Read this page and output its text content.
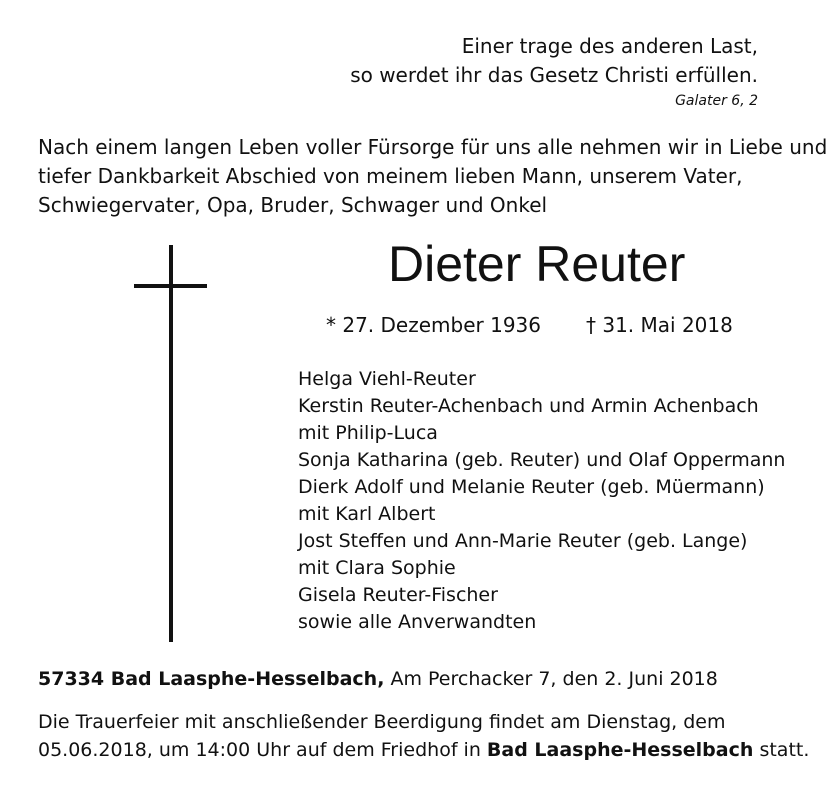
Einer trage des anderen Last,
so werdet ihr das Gesetz Christi erfüllen.
Galater 6, 2
Nach einem langen Leben voller Fürsorge für uns alle nehmen wir in Liebe und
tiefer Dankbarkeit Abschied von meinem lieben Mann, unserem Vater,
Schwiegervater, Opa, Bruder, Schwager und Onkel
Dieter Reuter
* 27. Dezember 1936 † 31. Mai 2018
Helga Viehl-Reuter
Kerstin Reuter-Achenbach und Armin Achenbach
mit Philip-Luca
Sonja Katharina (geb. Reuter) und Olaf Oppermann
Dierk Adolf und Melanie Reuter (geb. Müermann)
mit Karl Albert
Jost Steffen und Ann-Marie Reuter (geb. Lange)
mit Clara Sophie
Gisela Reuter-Fischer
sowie alle Anverwandten
57334 Bad Laasphe-Hesselbach, Am Perchacker 7, den 2. Juni 2018
Die Trauerfeier mit anschließender Beerdigung findet am Dienstag, dem
05.06.2018, um 14:00 Uhr auf dem Friedhof in Bad Laasphe-Hesselbach statt.
